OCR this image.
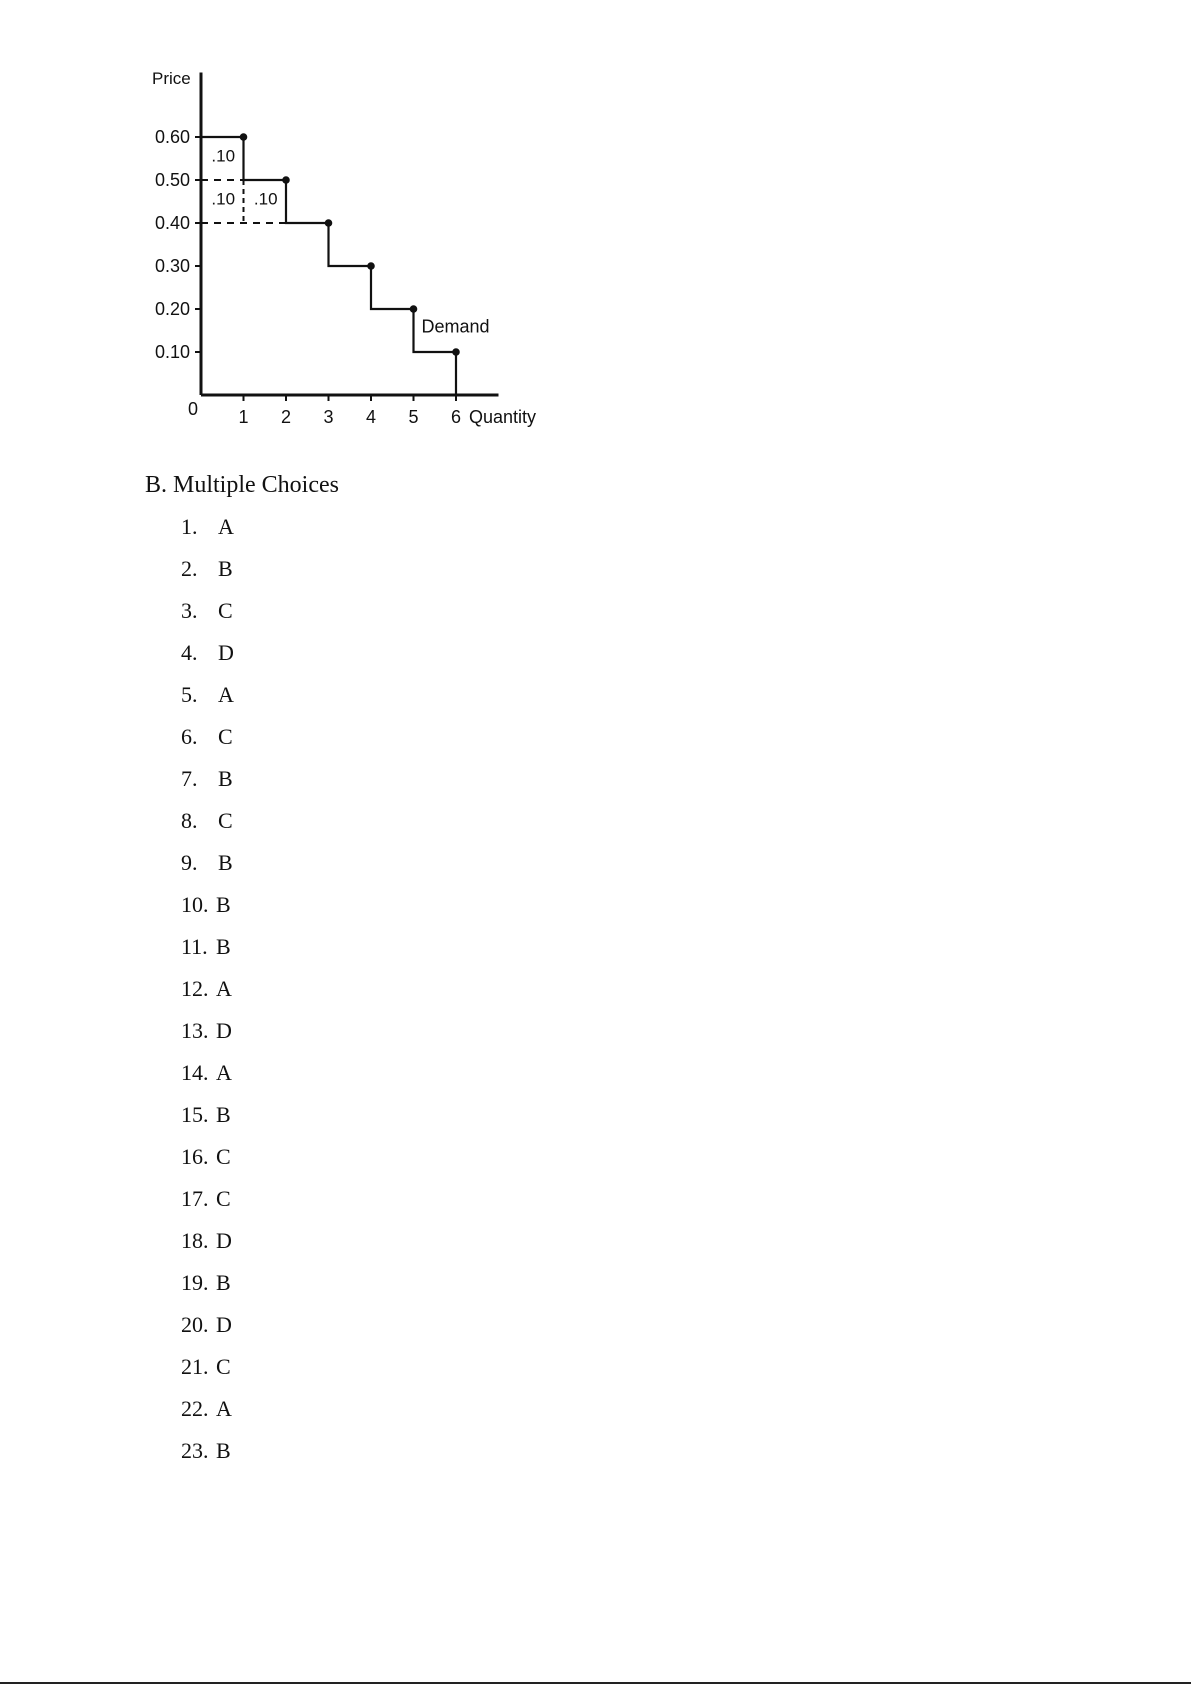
Price
Quantity
0
0.10
0.20
0.30
0.40
0.50
0.60
1 2 3 4 5 6
.10
.10 .10
Demand
B. Multiple Choices
1. A
2. B
3. C
4. D
5. A
6. C
7. B
8. C
9. B
10. B
11. B
12. A
13. D
14. A
15. B
16. C
17. C
18. D
19. B
20. D
21. C
22. A
23. B
